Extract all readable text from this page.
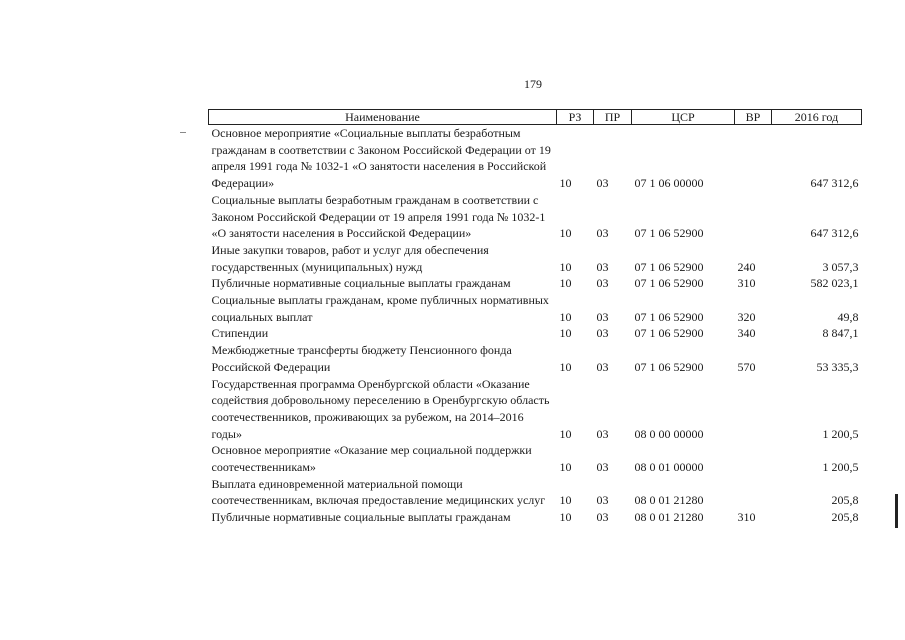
179
Наименование	РЗ	ПР	ЦСР	ВР	2016 год
Основное мероприятие «Социальные выплаты безработным гражданам в соответствии с Законом Российской Федерации от 19 апреля 1991 года № 1032-1 «О занятости населения в Российской Федерации»	10	03	07 1 06 00000		647 312,6
Социальные выплаты безработным гражданам в соответствии с Законом Российской Федерации от 19 апреля 1991 года № 1032-1 «О занятости населения в Российской Федерации»	10	03	07 1 06 52900		647 312,6
Иные закупки товаров, работ и услуг для обеспечения государственных (муниципальных) нужд	10	03	07 1 06 52900	240	3 057,3
Публичные нормативные социальные выплаты гражданам	10	03	07 1 06 52900	310	582 023,1
Социальные выплаты гражданам, кроме публичных нормативных социальных выплат	10	03	07 1 06 52900	320	49,8
Стипендии	10	03	07 1 06 52900	340	8 847,1
Межбюджетные трансферты бюджету Пенсионного фонда Российской Федерации	10	03	07 1 06 52900	570	53 335,3
Государственная программа Оренбургской области «Оказание содействия добровольному переселению в Оренбургскую область соотечественников, проживающих за рубежом, на 2014–2016 годы»	10	03	08 0 00 00000		1 200,5
Основное мероприятие «Оказание мер социальной поддержки соотечественникам»	10	03	08 0 01 00000		1 200,5
Выплата единовременной материальной помощи соотечественникам, включая предоставление медицинских услуг	10	03	08 0 01 21280		205,8
Публичные нормативные социальные выплаты гражданам	10	03	08 0 01 21280	310	205,8
